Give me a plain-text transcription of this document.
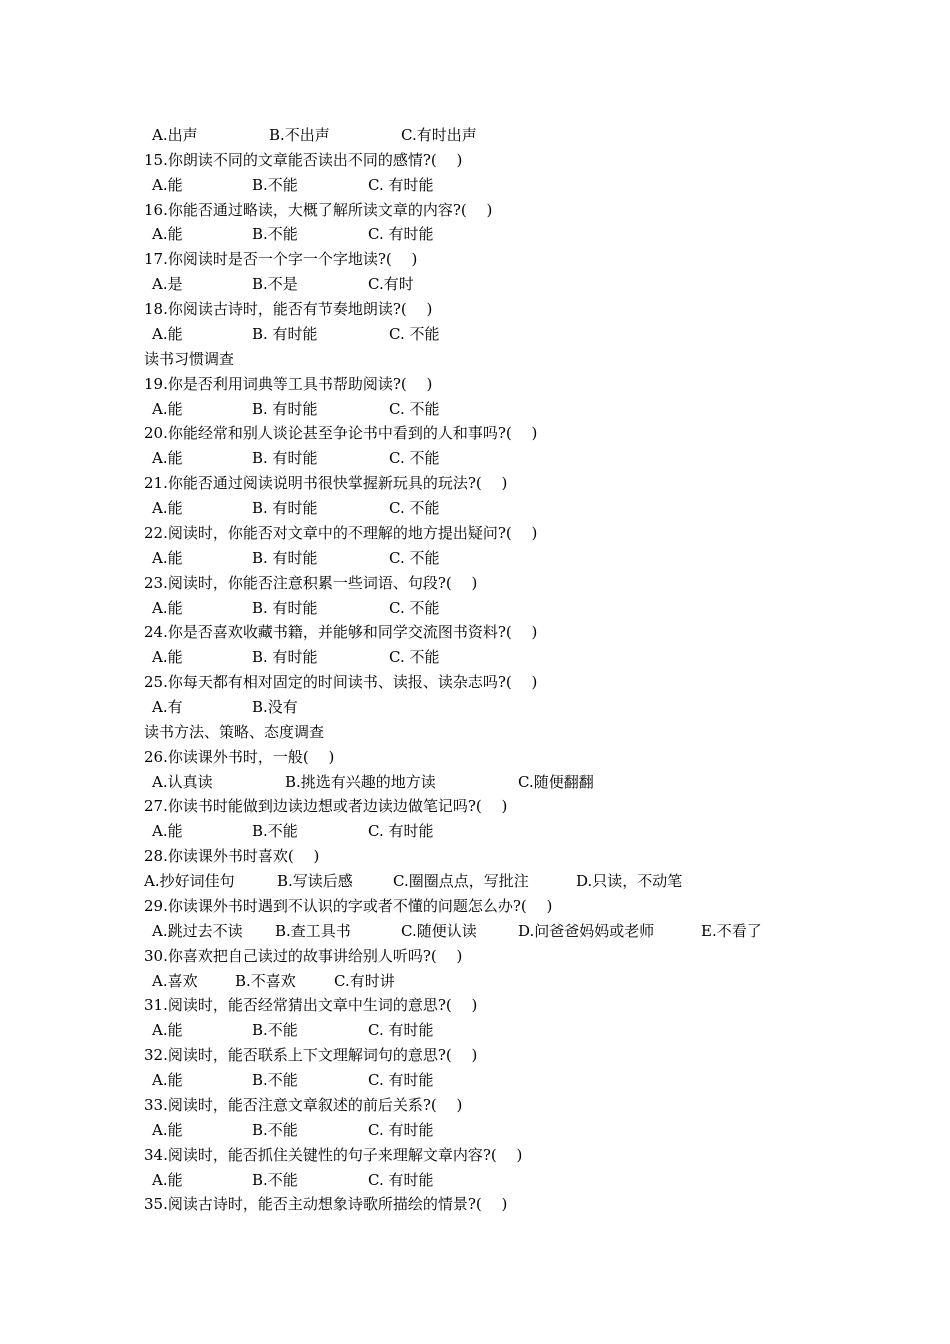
A.出声	B.不出声	C.有时出声
15.你朗读不同的文章能否读出不同的感情?(　 )
A.能	B.不能	C. 有时能
16.你能否通过略读，大概了解所读文章的内容?(　 )
A.能	B.不能	C. 有时能
17.你阅读时是否一个字一个字地读?(　 )
A.是	B.不是	C.有时
18.你阅读古诗时，能否有节奏地朗读?(　 )
A.能	B. 有时能	C. 不能
读书习惯调查
19.你是否利用词典等工具书帮助阅读?(　 )
A.能	B. 有时能	C. 不能
20.你能经常和别人谈论甚至争论书中看到的人和事吗?(　 )
A.能	B. 有时能	C. 不能
21.你能否通过阅读说明书很快掌握新玩具的玩法?(　 )
A.能	B. 有时能	C. 不能
22.阅读时，你能否对文章中的不理解的地方提出疑问?(　 )
A.能	B. 有时能	C. 不能
23.阅读时，你能否注意积累一些词语、句段?(　 )
A.能	B. 有时能	C. 不能
24.你是否喜欢收藏书籍，并能够和同学交流图书资料?(　 )
A.能	B. 有时能	C. 不能
25.你每天都有相对固定的时间读书、读报、读杂志吗?(　 )
A.有	B.没有
读书方法、策略、态度调查
26.你读课外书时，一般(　 )
A.认真读	B.挑选有兴趣的地方读	C.随便翻翻
27.你读书时能做到边读边想或者边读边做笔记吗?(　 )
A.能	B.不能	C. 有时能
28.你读课外书时喜欢(　 )
A.抄好词佳句	B.写读后感	C.圈圈点点，写批注	D.只读，不动笔
29.你读课外书时遇到不认识的字或者不懂的问题怎么办?(　 )
A.跳过去不读 B.查工具书	C.随便认读	D.问爸爸妈妈或老师	E.不看了
30.你喜欢把自己读过的故事讲给别人听吗?(　 )
A.喜欢 B.不喜欢	C.有时讲
31.阅读时，能否经常猜出文章中生词的意思?(　 )
A.能	B.不能	C. 有时能
32.阅读时，能否联系上下文理解词句的意思?(　 )
A.能	B.不能	C. 有时能
33.阅读时，能否注意文章叙述的前后关系?(　 )
A.能	B.不能	C. 有时能
34.阅读时，能否抓住关键性的句子来理解文章内容?(　 )
A.能	B.不能	C. 有时能
35.阅读古诗时，能否主动想象诗歌所描绘的情景?(　 )
